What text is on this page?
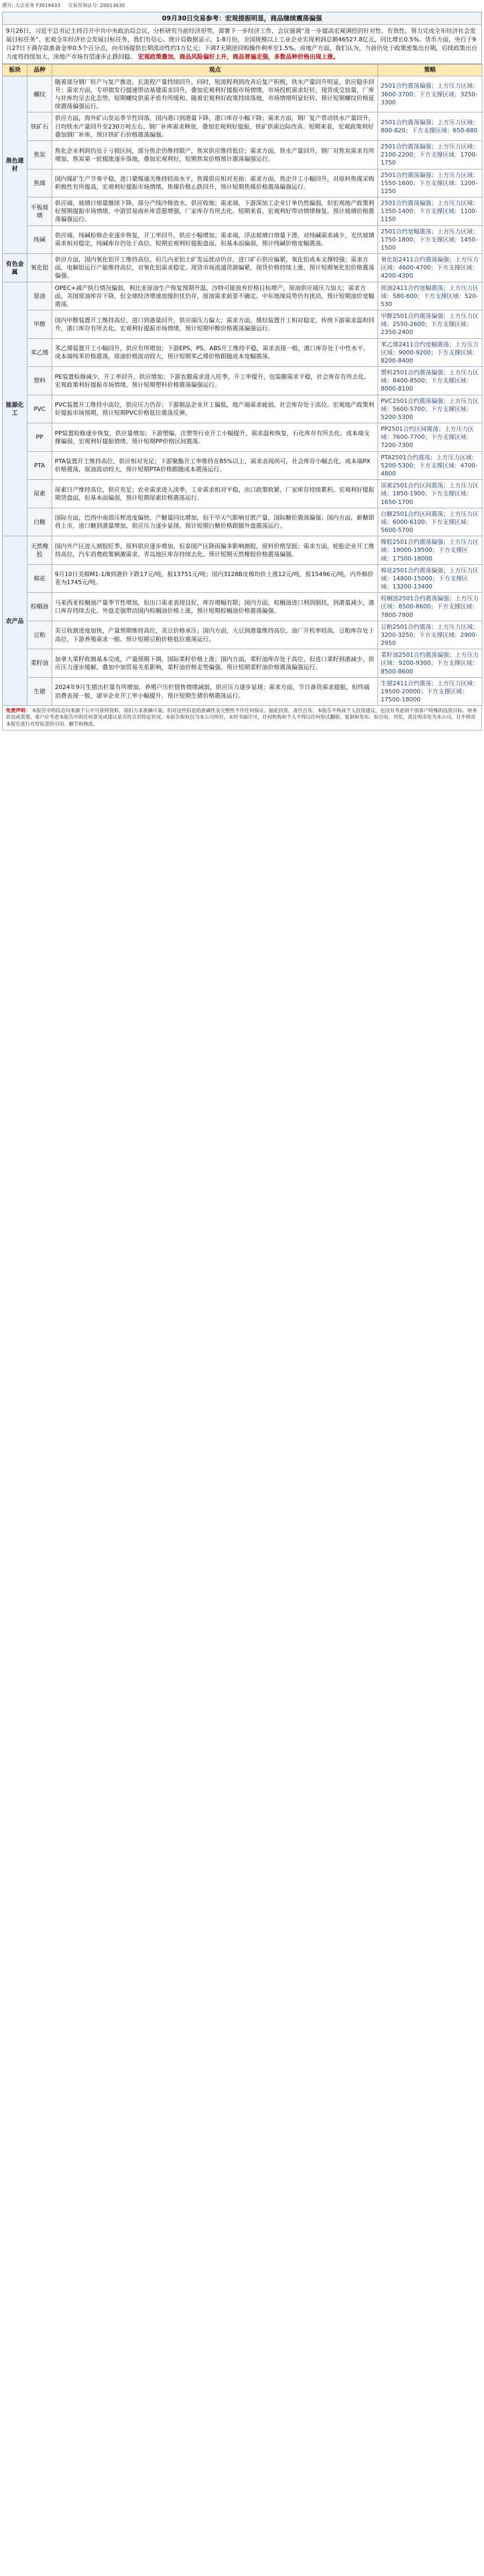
撰写: 大宗业务 F3019433 交易咨询证号: Z0013630
09月30日交易参考：宏观提振明显，商品继续震荡偏强
9月26日，习近平总书记主持召开中共中央政治局会议，分析研究当前经济形势，部署下一步经济工作，会议强调“进一步提高宏观调控的针对性、有效性，努力完成全年经济社会发展目标任务”。宏观全年经济社会发展目标任务，我们有信心。统计局数据显示，1-8月份，全国规模以上工业企业实现利润总额46527.8亿元，同比增长0.5%。货币方面，央行于9月27日下调存款准备金率0.5个百分点，向市场提供长期流动性约1万亿元；下调7天期逆回购操作利率至1.5%。房地产方面，我们认为，当前仍处于政策密集出台期，后续政策出台力度将持续加大，房地产市场有望逐步止跌回稳。 宏观政策叠加，商品风险偏好上升，商品普遍走强，多数品种价格出现上涨。
板块	品种	观点	策略
黑色建材	螺纹	随着部分钢厂转产与复产推进，长流程产量持续回升，同时，短流程利润改善后复产积极，铁水产量回升明显，供应稳步回升；需求方面，专项债发行提速带动基建需求回升，叠加宏观利好提振市场情绪，市场投机需求好转，现货成交放量，厂库与社库均呈去化态势，短期螺纹供需矛盾有所缓和。随着宏观利好政策持续落地，市场情绪明显好转，预计短期螺纹价格延续震荡偏强运行。	2501合约震荡偏强；上方压力区域：3600-3700；下方支撑区域：3250-3300
	铁矿石	供应方面，海外矿山发运季节性回落，国内港口到港量下降，港口库存小幅下降；需求方面，钢厂复产带动铁水产量回升，日均铁水产量回升至230万吨左右，钢厂补库需求释放，叠加宏观利好提振，铁矿供需边际改善。短期来看，宏观政策利好叠加钢厂补库，预计铁矿石价格震荡偏强。	2501合约震荡偏强；上方压力区域：800-820；下方支撑区域：650-680
	焦炭	焦化企业利润仍处于亏损区间，部分焦企仍维持限产，焦炭供应维持低位；需求方面，铁水产量回升，钢厂对焦炭需求有所增加，焦炭第一轮提涨逐步落地，叠加宏观利好，短期焦炭价格预计震荡偏强运行。	2501合约震荡偏强；上方压力区域：2100-2200；下方支撑区域：1700-1750
	焦煤	国内煤矿生产节奏平稳，进口蒙煤通关维持较高水平，焦煤供应相对充裕；需求方面，焦企开工小幅回升，对原料焦煤采购积极性有所提高，宏观利好提振市场情绪，焦煤价格止跌回升，预计短期焦煤价格震荡偏强运行。	2501合约震荡偏强；上方压力区域：1550-1600；下方支撑区域：1200-1250
	平板玻璃	供应端，玻璃日熔量继续下降，部分产线冷修放水，供应收缩；需求端，下游深加工企业订单仍然偏弱，但宏观地产政策利好预期提振市场情绪，中游贸易商补库意愿增强，厂家库存有所去化。短期来看，宏观利好带动情绪修复，预计玻璃价格震荡偏强运行。	2501合约震荡偏强；上方压力区域：1350-1400；下方支撑区域：1100-1150
	纯碱	供应端，纯碱检修企业逐步恢复，开工率回升，供应小幅增加；需求端，浮法玻璃日熔量下滑，对纯碱需求减少，光伏玻璃需求相对稳定，纯碱库存仍处于高位。短期宏观利好提振盘面，但基本面偏弱，预计纯碱价格宽幅震荡。	2501合约宽幅震荡；上方压力区域：1750-1800；下方支撑区域：1450-1500
有色金属	氧化铝	供应方面，国内氧化铝开工维持高位，但几内亚铝土矿发运扰动仍存，进口矿石供应偏紧，氧化铝成本支撑较强；需求方面，电解铝运行产能维持高位，对氧化铝需求稳定。现货市场流通货源偏紧，现货价格持续上涨，预计短期氧化铝价格震荡偏强。	氧化铝2411合约震荡偏强；上方压力区域：4600-4700；下方支撑区域：4200-4300
能源化工	原油	OPEC+减产执行情况偏弱，利比亚原油生产恢复预期升温，沙特可能放弃价格目标增产，原油供应端压力加大；需求方面，美国原油库存下降，但全球经济增速放缓担忧仍存，原油需求前景不确定。中东地缘局势仍有扰动，预计短期油价宽幅震荡。	原油2411合约宽幅震荡；上方压力区域：580-600；下方支撑区域：520-530
	甲醇	国内甲醇装置开工维持高位，进口到港量回升，供应端压力偏大；需求方面，烯烃装置开工相对稳定，传统下游需求温和回升，港口库存有所去化。宏观利好提振市场情绪，预计短期甲醇价格震荡偏强运行。	甲醇2501合约震荡偏强；上方压力区域：2550-2600；下方支撑区域：2350-2400
	苯乙烯	苯乙烯装置开工小幅回升，供应有所增加；下游EPS、PS、ABS开工维持平稳，需求表现一般，港口库存处于中性水平。成本端纯苯价格震荡，原油价格波动较大，预计短期苯乙烯价格跟随成本宽幅震荡。	苯乙烯2411合约宽幅震荡；上方压力区域：9000-9200；下方支撑区域：8200-8400
	塑料	PE装置检修减少，开工率回升，供应增加；下游农膜需求进入旺季，开工率提升，包装膜需求平稳，社会库存有所去化。宏观政策利好提振市场情绪，预计短期塑料价格震荡偏强运行。	塑料2501合约震荡偏强；上方压力区域：8400-8500；下方支撑区域：8000-8100
	PVC	PVC装置开工维持中高位，供应压力仍存；下游制品企业开工偏低，地产端需求疲弱，社会库存处于高位。宏观地产政策利好提振市场预期，预计短期PVC价格低位震荡反弹。	PVC2501合约震荡偏强；上方压力区域：5600-5700；下方支撑区域：5200-5300
	PP	PP装置检修逐步恢复，供应量增加；下游塑编、注塑等行业开工小幅提升，需求温和恢复，石化库存有所去化。成本端支撑偏弱，宏观利好提振情绪，预计短期PP价格区间震荡。	PP2501合约区间震荡；上方压力区域：7600-7700；下方支撑区域：7200-7300
	PTA	PTA装置开工维持高位，供应相对充足；下游聚酯开工率维持在85%以上，需求表现尚可，社会库存小幅去化。成本端PX价格震荡，原油波动较大，预计短期PTA价格跟随成本震荡运行。	PTA2501合约震荡；上方压力区域：5200-5300；下方支撑区域：4700-4800
	尿素	尿素日产维持高位，供应充足；农业需求进入淡季，工业需求相对平稳，出口政策收紧，厂家库存持续累积。宏观利好提振期货盘面，但基本面偏弱，预计短期尿素价格震荡运行。	尿素2501合约区间震荡；上方压力区域：1850-1900；下方支撑区域：1650-1700
	白糖	国际方面，巴西中南部压榨进度偏快，产糖量同比增加，但干旱天气影响甘蔗产量，国际糖价震荡偏强；国内方面，新糖即将上市，进口糖到港量增加，供应压力逐步显现。预计短期白糖价格跟随外盘震荡运行。	白糖2501合约区间震荡；上方压力区域：6000-6100；下方支撑区域：5600-5700
农产品	天然橡胶	国内外产区进入割胶旺季，原料供应逐步增加，但泰国产区降雨偏多影响割胶，原料价格坚挺；需求方面，轮胎企业开工维持高位，汽车消费政策刺激需求，青岛地区库存持续去化。预计短期天然橡胶价格震荡偏强。	橡胶2501合约震荡偏强；上方压力区域：19000-19500；下方支撑区域：17500-18000
	棉花	9月10日美棉M1-1/8到港价下跌17元/吨，报13751元/吨；国内3128B皮棉均价上涨12元/吨，报15496元/吨，内外棉价差为1745元/吨。	棉花2501合约震荡偏强；上方压力区域：14800-15000；下方支撑区域：13200-13400
	棕榈油	马来西亚棕榈油产量季节性增加，但出口需求表现良好，库存增幅有限；国内方面，棕榈油进口利润倒挂，到港量减少，港口库存持续去化。外盘走强带动国内棕榈油价格上涨，预计短期棕榈油价格震荡偏强。	棕榈油2501合约震荡偏强；上方压力区域：8500-8600；下方支撑区域：7800-7900
	豆粕	美豆收割进度加快，产量预期维持高位，美豆价格承压；国内方面，大豆到港量维持高位，油厂开机率较高，豆粕库存处于高位，下游养殖需求一般。预计短期豆粕价格低位震荡运行。	豆粕2501合约震荡；上方压力区域：3200-3250；下方支撑区域：2900-2950
	菜籽油	加拿大菜籽收割基本完成，产量预期下调，国际菜籽价格上涨；国内方面，菜籽油库存处于高位，但进口菜籽到港减少，供应压力逐步缓解，叠加中加贸易关系影响，菜籽油价格走势偏强。预计短期菜籽油价格震荡偏强运行。	菜籽油2501合约震荡偏强；上方压力区域：9200-9300；下方支撑区域：8500-8600
	生猪	2024年9月生猪出栏量有所增加，养殖户压栏惜售情绪减弱，供应压力逐步显现；需求方面，节日备货需求提振，但终端消费表现一般，屠宰企业开工率小幅提升。预计短期生猪价格震荡运行。	生猪2411合约震荡；上方压力区域：19500-20000；下方支撑区域：17500-18000
免责声明： 本报告中的信息均来源于公开可获得资料，我们力求准确可靠，但对这些信息的准确性及完整性不作任何保证，据此投资，责任自负。本报告不构成个人投资建议，也没有考虑到个别客户特殊的投资目标、财务状况或需要。客户应考虑本报告中的任何意见或建议是否符合其特定状况。本报告版权仅为本公司所有，未经书面许可，任何机构和个人不得以任何形式翻版、复制和发布。如引用、刊发，需注明出处为本公司，且不得对本报告进行有悖原意的引用、删节和修改。
